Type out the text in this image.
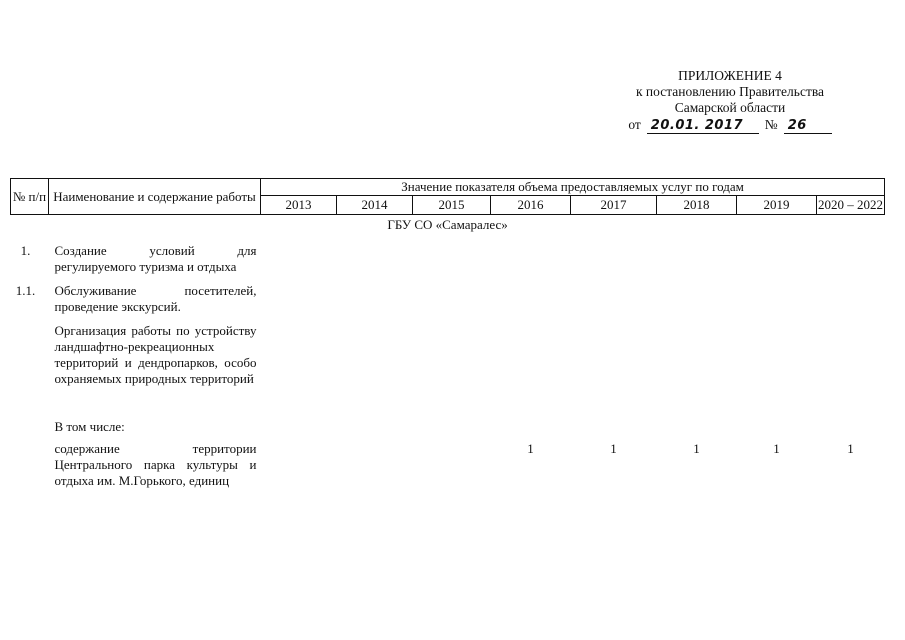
ПРИЛОЖЕНИЕ 4
к постановлению Правительства
Самарской области
от 20.01. 2017	№ 26
№ п/п	Наименование и содержание работы	Значение показателя объема предоставляемых услуг по годам							
		2013	2014	2015	2016	2017	2018	2019	2020 – 2022
ГБУ СО «Самаралес»									
1.	Создание условий для регулируемого туризма и отдыха								
1.1.	Обслуживание посетителей, проведение экскурсий.								
	Организация работы по устройству ландшафтно-рекреационных территорий и дендропарков, особо охраняемых природных территорий								
	В том числе:								
	содержание территории Центрального парка культуры и отдыха им. М.Горького, единиц				1	1	1	1	1
